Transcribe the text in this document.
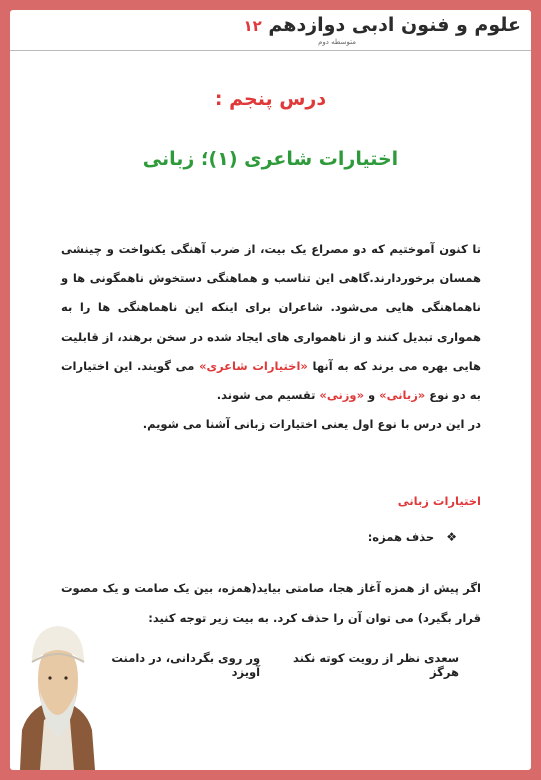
علوم و فنون ادبی دوازدهم ۱۲
متوسطه دوم
درس پنجم :
اختیارات شاعری (۱)؛ زبانی

تا کنون آموختیم که دو مصراع یک بیت، از ضرب آهنگی یکنواخت و چینشی همسان برخوردارند.گاهی این تناسب و هماهنگی دستخوش ناهمگونی ها و ناهماهنگی هایی می‌شود. شاعران برای اینکه این ناهماهنگی ها را به همواری تبدیل کنند و از ناهمواری های ایجاد شده در سخن برهند، از قابلیت هایی بهره می برند که به آنها «اختیارات شاعری» می گویند. این اختیارات به دو نوع «زبانی» و «وزنی» تقسیم می شوند.

در این درس با نوع اول یعنی اختیارات زبانی آشنا می شویم.

اختیارات زبانی
❖ حذف همزه:
اگر پیش از همزه آغاز هجا، صامتی بیاید(همزه، بین یک صامت و یک مصوت قرار بگیرد) می توان آن را حذف کرد. به بیت زیر توجه کنید:
سعدی نظر از رویت کوته نکند هرگز
ور روی بگردانی، در دامنت آویزد
